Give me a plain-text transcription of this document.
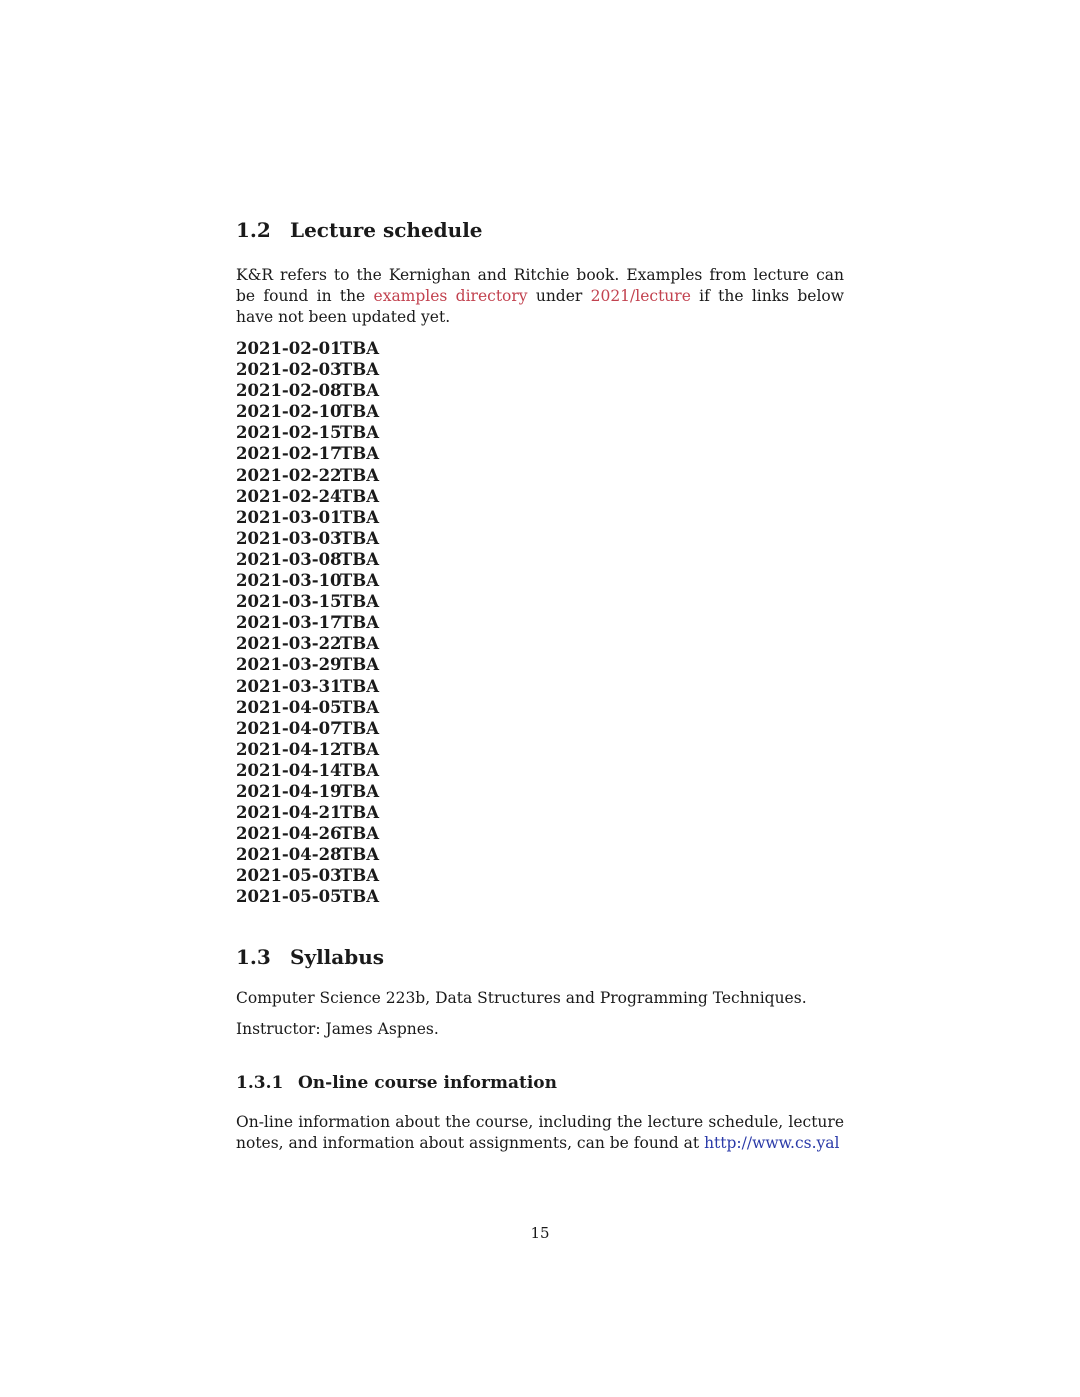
1.2 Lecture schedule

K&R refers to the Kernighan and Ritchie book. Examples from lecture can be found in the examples directory under 2021/lecture if the links below have not been updated yet.

2021-02-01TBA
2021-02-03TBA
2021-02-08TBA
2021-02-10TBA
2021-02-15TBA
2021-02-17TBA
2021-02-22TBA
2021-02-24TBA
2021-03-01TBA
2021-03-03TBA
2021-03-08TBA
2021-03-10TBA
2021-03-15TBA
2021-03-17TBA
2021-03-22TBA
2021-03-29TBA
2021-03-31TBA
2021-04-05TBA
2021-04-07TBA
2021-04-12TBA
2021-04-14TBA
2021-04-19TBA
2021-04-21TBA
2021-04-26TBA
2021-04-28TBA
2021-05-03TBA
2021-05-05TBA
1.3 Syllabus

Computer Science 223b, Data Structures and Programming Techniques.

Instructor: James Aspnes.

1.3.1 On-line course information

On-line information about the course, including the lecture schedule, lecture notes, and information about assignments, can be found at http://www.cs.yal

15
